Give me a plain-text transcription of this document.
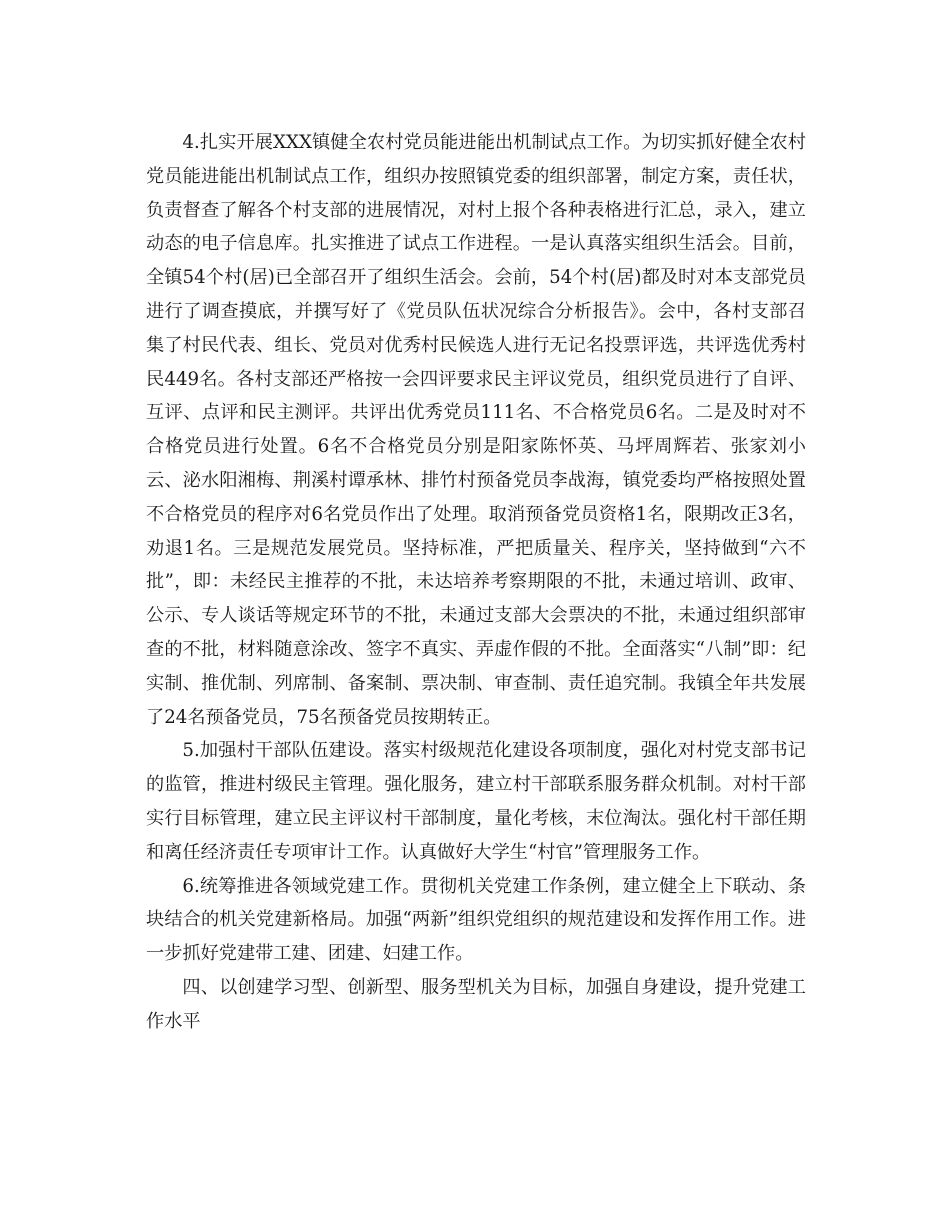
4.扎实开展XXX镇健全农村党员能进能出机制试点工作。为切实抓好健全农村党员能进能出机制试点工作，组织办按照镇党委的组织部署，制定方案，责任状，负责督查了解各个村支部的进展情况，对村上报个各种表格进行汇总，录入，建立动态的电子信息库。扎实推进了试点工作进程。一是认真落实组织生活会。目前，全镇54个村(居)已全部召开了组织生活会。会前，54个村(居)都及时对本支部党员进行了调查摸底，并撰写好了《党员队伍状况综合分析报告》。会中，各村支部召集了村民代表、组长、党员对优秀村民候选人进行无记名投票评选，共评选优秀村民449名。各村支部还严格按一会四评要求民主评议党员，组织党员进行了自评、互评、点评和民主测评。共评出优秀党员111名、不合格党员6名。二是及时对不合格党员进行处置。6名不合格党员分别是阳家陈怀英、马坪周辉若、张家刘小云、泌水阳湘梅、荆溪村谭承林、排竹村预备党员李战海，镇党委均严格按照处置不合格党员的程序对6名党员作出了处理。取消预备党员资格1名，限期改正3名，劝退1名。三是规范发展党员。坚持标准，严把质量关、程序关，坚持做到“六不批”，即：未经民主推荐的不批，未达培养考察期限的不批，未通过培训、政审、公示、专人谈话等规定环节的不批，未通过支部大会票决的不批，未通过组织部审查的不批，材料随意涂改、签字不真实、弄虚作假的不批。全面落实“八制”即：纪实制、推优制、列席制、备案制、票决制、审查制、责任追究制。我镇全年共发展了24名预备党员，75名预备党员按期转正。

5.加强村干部队伍建设。落实村级规范化建设各项制度，强化对村党支部书记的监管，推进村级民主管理。强化服务，建立村干部联系服务群众机制。对村干部实行目标管理，建立民主评议村干部制度，量化考核，末位淘汰。强化村干部任期和离任经济责任专项审计工作。认真做好大学生“村官”管理服务工作。

6.统筹推进各领域党建工作。贯彻机关党建工作条例，建立健全上下联动、条块结合的机关党建新格局。加强“两新”组织党组织的规范建设和发挥作用工作。进一步抓好党建带工建、团建、妇建工作。

四、以创建学习型、创新型、服务型机关为目标，加强自身建设，提升党建工作水平
